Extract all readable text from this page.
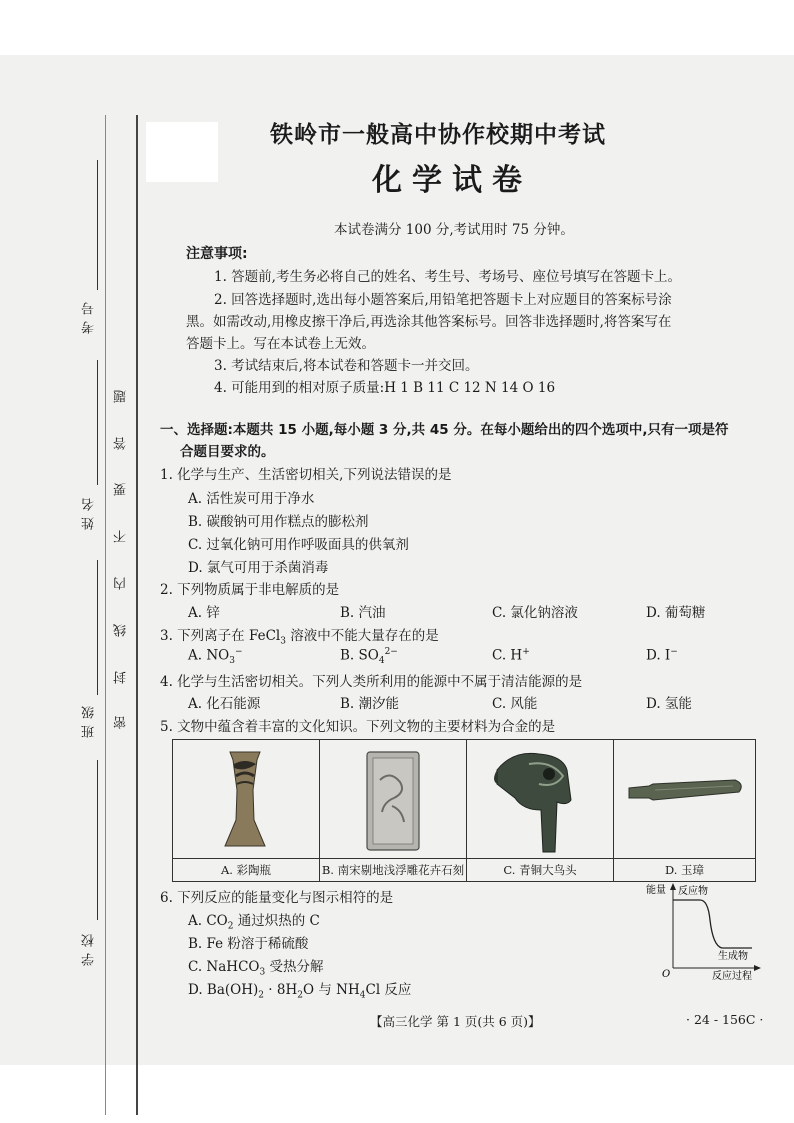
考号
姓名
班级
学校
密
封
线
内
不
要
答
题
铁岭市一般高中协作校期中考试
化学试卷
本试卷满分 100 分,考试用时 75 分钟。
注意事项:
1. 答题前,考生务必将自己的姓名、考生号、考场号、座位号填写在答题卡上。
2. 回答选择题时,选出每小题答案后,用铅笔把答题卡上对应题目的答案标号涂
黑。如需改动,用橡皮擦干净后,再选涂其他答案标号。回答非选择题时,将答案写在
答题卡上。写在本试卷上无效。
3. 考试结束后,将本试卷和答题卡一并交回。
4. 可能用到的相对原子质量:H 1 B 11 C 12 N 14 O 16
一、选择题:本题共 15 小题,每小题 3 分,共 45 分。在每小题给出的四个选项中,只有一项是符
合题目要求的。
1. 化学与生产、生活密切相关,下列说法错误的是
A. 活性炭可用于净水
B. 碳酸钠可用作糕点的膨松剂
C. 过氧化钠可用作呼吸面具的供氧剂
D. 氯气可用于杀菌消毒
2. 下列物质属于非电解质的是
A. 锌	B. 汽油	C. 氯化钠溶液	D. 葡萄糖
3. 下列离子在 FeCl$_3$ 溶液中不能大量存在的是
A. $NO_3^-$	B. $SO_4^{2-}$	C. H+	D. I−
4. 化学与生活密切相关。下列人类所利用的能源中不属于清洁能源的是
A. 化石能源	B. 潮汐能	C. 风能	D. 氢能
5. 文物中蕴含着丰富的文化知识。下列文物的主要材料为合金的是
A. 彩陶瓶	B. 南宋剔地浅浮雕花卉石刻	C. 青铜大鸟头	D. 玉璋
6. 下列反应的能量变化与图示相符的是
A. $CO_2$ 通过炽热的 C
B. Fe 粉溶于稀硫酸
C. NaHCO$_3$ 受热分解
D. $Ba(OH)_2 \cdot 8H_2O$ 与 $NH_4Cl$ 反应
能量 反应物
生成物
O	反应过程
【高三化学 第 1 页(共 6 页)】	· 24 - 156C ·
